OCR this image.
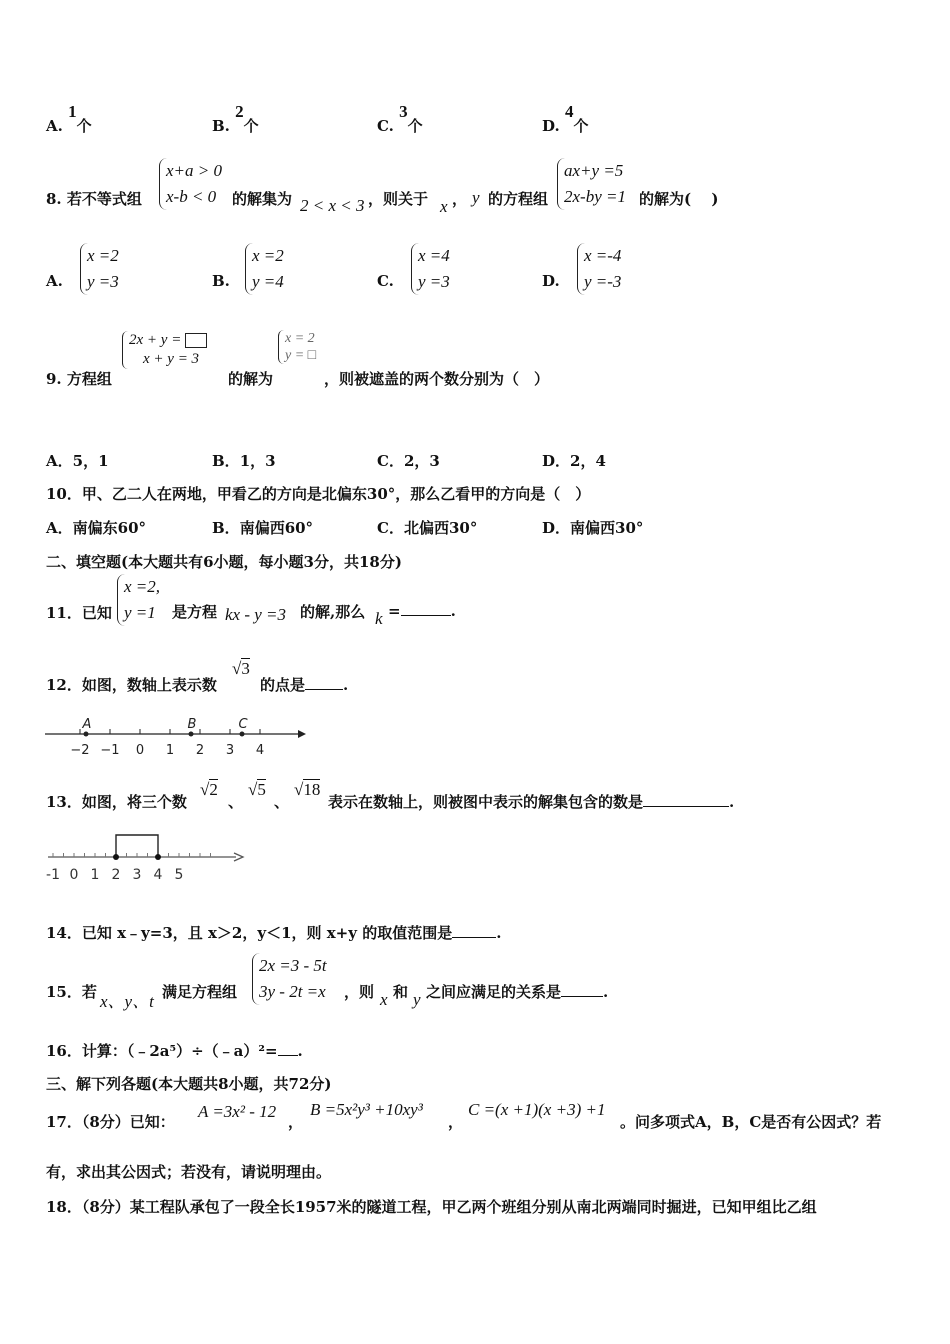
A. 1个	B. 2个	C. 3个	D. 4个
8. 若不等式组
x+a > 0
x-b < 0	的解集为 2 < x < 3 ，则关于 x ， y 的方程组
ax+y =5
2x-by =1 的解为(　 )
A.
x =2
y =3	B.
x =2
y =4	C.
x =4
y =3	D.
x =-4
y =-3
9. 方程组
2x + y =
x + y = 3
的解为
x = 2
y = □
，则被遮盖的两个数分别为（　）
A．5，1	B．1，3	C．2，3	D．2，4
10．甲、乙二人在两地，甲看乙的方向是北偏东30°，那么乙看甲的方向是（　）
A．南偏东60°	B．南偏西60°	C．北偏西30°	D．南偏西30°
二、填空题(本大题共有6小题，每小题3分，共18分)
11．已知
x =2,
y =1 是方程 kx - y =3 的解,那么 k =	.
12．如图，数轴上表示数
√3
的点是	.
−2 −1 0 1 2 3 4
A	B	C
13．如图，将三个数
√2
、
√5
、
√18
表示在数轴上，则被图中表示的解集包含的数是	.
-1 0 1 2 3 4 5
14．已知 x﹣y=3，且 x＞2，y＜1，则 x+y 的取值范围是	.
15．若 x、y、t 满足方程组
2x =3 - 5t
3y - 2t =x ，则 x 和 y 之间应满足的关系是	.
16．计算：（﹣2a⁵）÷（﹣a）²= .
三、解下列各题(本大题共8小题，共72分)
17．（8分）已知：
A =3x² - 12
，
B =5x²y³ +10xy³
，
C =(x +1)(x +3) +1
。问多项式A，B，C是否有公因式？若
有，求出其公因式；若没有，请说明理由。
18．（8分）某工程队承包了一段全长1957米的隧道工程，甲乙两个班组分别从南北两端同时掘进，已知甲组比乙组
